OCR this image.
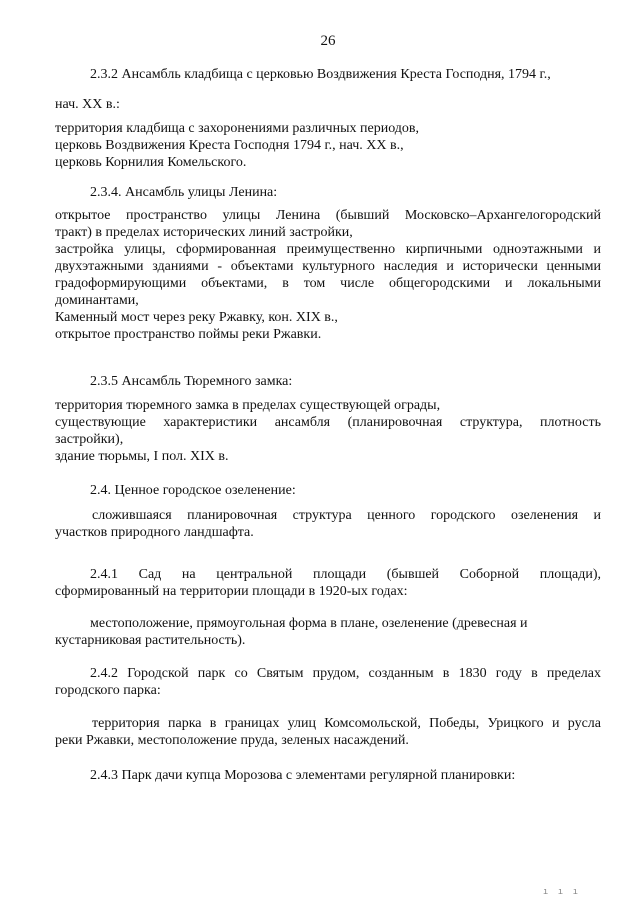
26
2.3.2 Ансамбль кладбища с церковью Воздвижения Креста Господня, 1794 г.,
нач. XX в.:
территория кладбища с захоронениями различных периодов,
церковь Воздвижения Креста Господня 1794 г., нач. XX в.,
церковь Корнилия Комельского.
2.3.4. Ансамбль улицы Ленина:
открытое пространство улицы Ленина (бывший Московско–Архангелогородский
тракт) в пределах исторических линий застройки,
застройка улицы, сформированная преимущественно кирпичными одноэтажными и
двухэтажными зданиями - объектами культурного наследия и исторически ценными
градоформирующими объектами, в том числе общегородскими и локальными
доминантами,
Каменный мост через реку Ржавку, кон. XIX в.,
открытое пространство поймы реки Ржавки.
2.3.5 Ансамбль Тюремного замка:
территория тюремного замка в пределах существующей ограды,
существующие характеристики ансамбля (планировочная структура, плотность
застройки),
здание тюрьмы, I пол. XIX в.
2.4. Ценное городское озеленение:
сложившаяся планировочная структура ценного городского озеленения и
участков природного ландшафта.
2.4.1 Сад на центральной площади (бывшей Соборной площади),
сформированный на территории площади в 1920-ых годах:
местоположение, прямоугольная форма в плане, озеленение (древесная и
кустарниковая растительность).
2.4.2 Городской парк со Святым прудом, созданным в 1830 году в пределах
городского парка:
территория парка в границах улиц Комсомольской, Победы, Урицкого и русла
реки Ржавки, местоположение пруда, зеленых насаждений.
2.4.3 Парк дачи купца Морозова с элементами регулярной планировки:
ı ı ı
